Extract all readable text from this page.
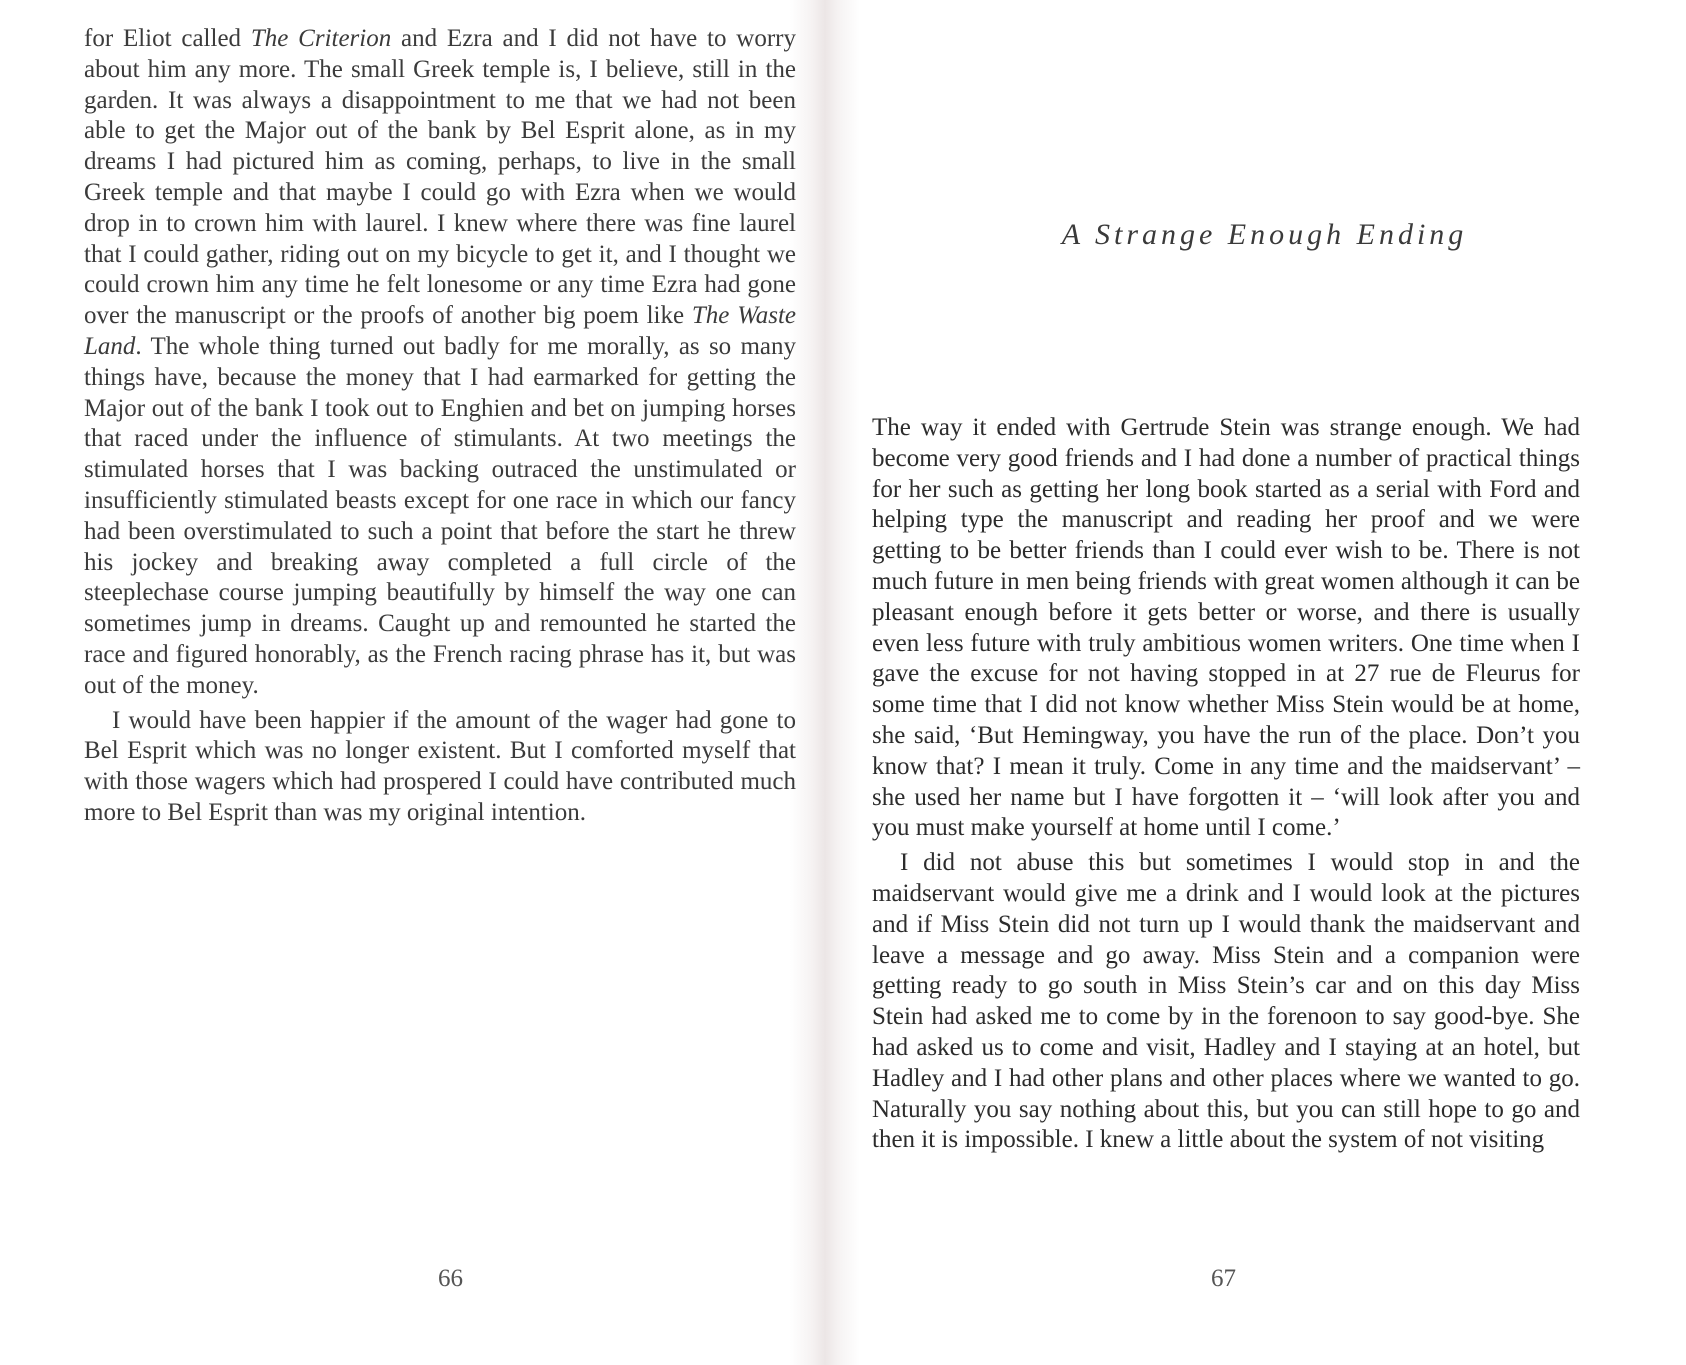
for Eliot called The Criterion and Ezra and I did not have to worry about him any more. The small Greek temple is, I believe, still in the garden. It was always a disappointment to me that we had not been able to get the Major out of the bank by Bel Esprit alone, as in my dreams I had pictured him as coming, perhaps, to live in the small Greek temple and that maybe I could go with Ezra when we would drop in to crown him with laurel. I knew where there was fine laurel that I could gather, riding out on my bicycle to get it, and I thought we could crown him any time he felt lonesome or any time Ezra had gone over the manuscript or the proofs of another big poem like The Waste Land. The whole thing turned out badly for me morally, as so many things have, because the money that I had earmarked for getting the Major out of the bank I took out to Enghien and bet on jumping horses that raced under the influence of stimulants. At two meetings the stimulated horses that I was backing outraced the unstimulated or insufficiently stimulated beasts except for one race in which our fancy had been overstimulated to such a point that before the start he threw his jockey and breaking away completed a full circle of the steeplechase course jumping beautifully by himself the way one can sometimes jump in dreams. Caught up and remounted he started the race and figured honorably, as the French racing phrase has it, but was out of the money.

I would have been happier if the amount of the wager had gone to Bel Esprit which was no longer existent. But I comforted myself that with those wagers which had prospered I could have contributed much more to Bel Esprit than was my original intention.

66
A Strange Enough Ending

The way it ended with Gertrude Stein was strange enough. We had become very good friends and I had done a number of practical things for her such as getting her long book started as a serial with Ford and helping type the manuscript and reading her proof and we were getting to be better friends than I could ever wish to be. There is not much future in men being friends with great women although it can be pleasant enough before it gets better or worse, and there is usually even less future with truly ambitious women writers. One time when I gave the excuse for not having stopped in at 27 rue de Fleurus for some time that I did not know whether Miss Stein would be at home, she said, ‘But Hemingway, you have the run of the place. Don’t you know that? I mean it truly. Come in any time and the maidservant’ – she used her name but I have forgotten it – ‘will look after you and you must make yourself at home until I come.’

I did not abuse this but sometimes I would stop in and the maidservant would give me a drink and I would look at the pictures and if Miss Stein did not turn up I would thank the maidservant and leave a message and go away. Miss Stein and a companion were getting ready to go south in Miss Stein’s car and on this day Miss Stein had asked me to come by in the forenoon to say good-bye. She had asked us to come and visit, Hadley and I staying at an hotel, but Hadley and I had other plans and other places where we wanted to go. Naturally you say nothing about this, but you can still hope to go and then it is impossible. I knew a little about the system of not visiting

67
